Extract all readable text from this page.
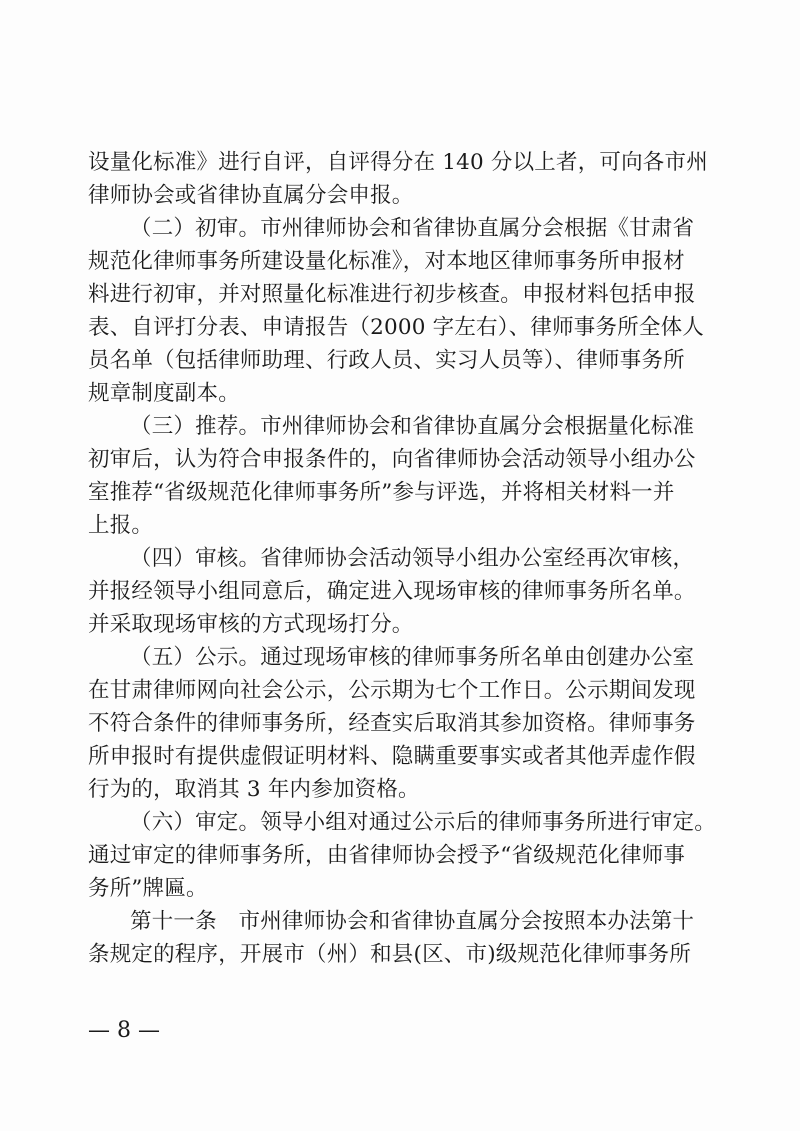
设量化标准》进行自评，自评得分在 140 分以上者，可向各市州
律师协会或省律协直属分会申报。
（二）初审。市州律师协会和省律协直属分会根据《甘肃省
规范化律师事务所建设量化标准》，对本地区律师事务所申报材
料进行初审，并对照量化标准进行初步核查。申报材料包括申报
表、自评打分表、申请报告（2000 字左右）、律师事务所全体人
员名单（包括律师助理、行政人员、实习人员等）、律师事务所
规章制度副本。
（三）推荐。市州律师协会和省律协直属分会根据量化标准
初审后，认为符合申报条件的，向省律师协会活动领导小组办公
室推荐“省级规范化律师事务所”参与评选，并将相关材料一并
上报。
（四）审核。省律师协会活动领导小组办公室经再次审核，
并报经领导小组同意后，确定进入现场审核的律师事务所名单。
并采取现场审核的方式现场打分。
（五）公示。通过现场审核的律师事务所名单由创建办公室
在甘肃律师网向社会公示，公示期为七个工作日。公示期间发现
不符合条件的律师事务所，经查实后取消其参加资格。律师事务
所申报时有提供虚假证明材料、隐瞒重要事实或者其他弄虚作假
行为的，取消其 3 年内参加资格。
（六）审定。领导小组对通过公示后的律师事务所进行审定。
通过审定的律师事务所，由省律师协会授予“省级规范化律师事
务所”牌匾。
第十一条　市州律师协会和省律协直属分会按照本办法第十
条规定的程序，开展市（州）和县(区、市)级规范化律师事务所
— 8 —
